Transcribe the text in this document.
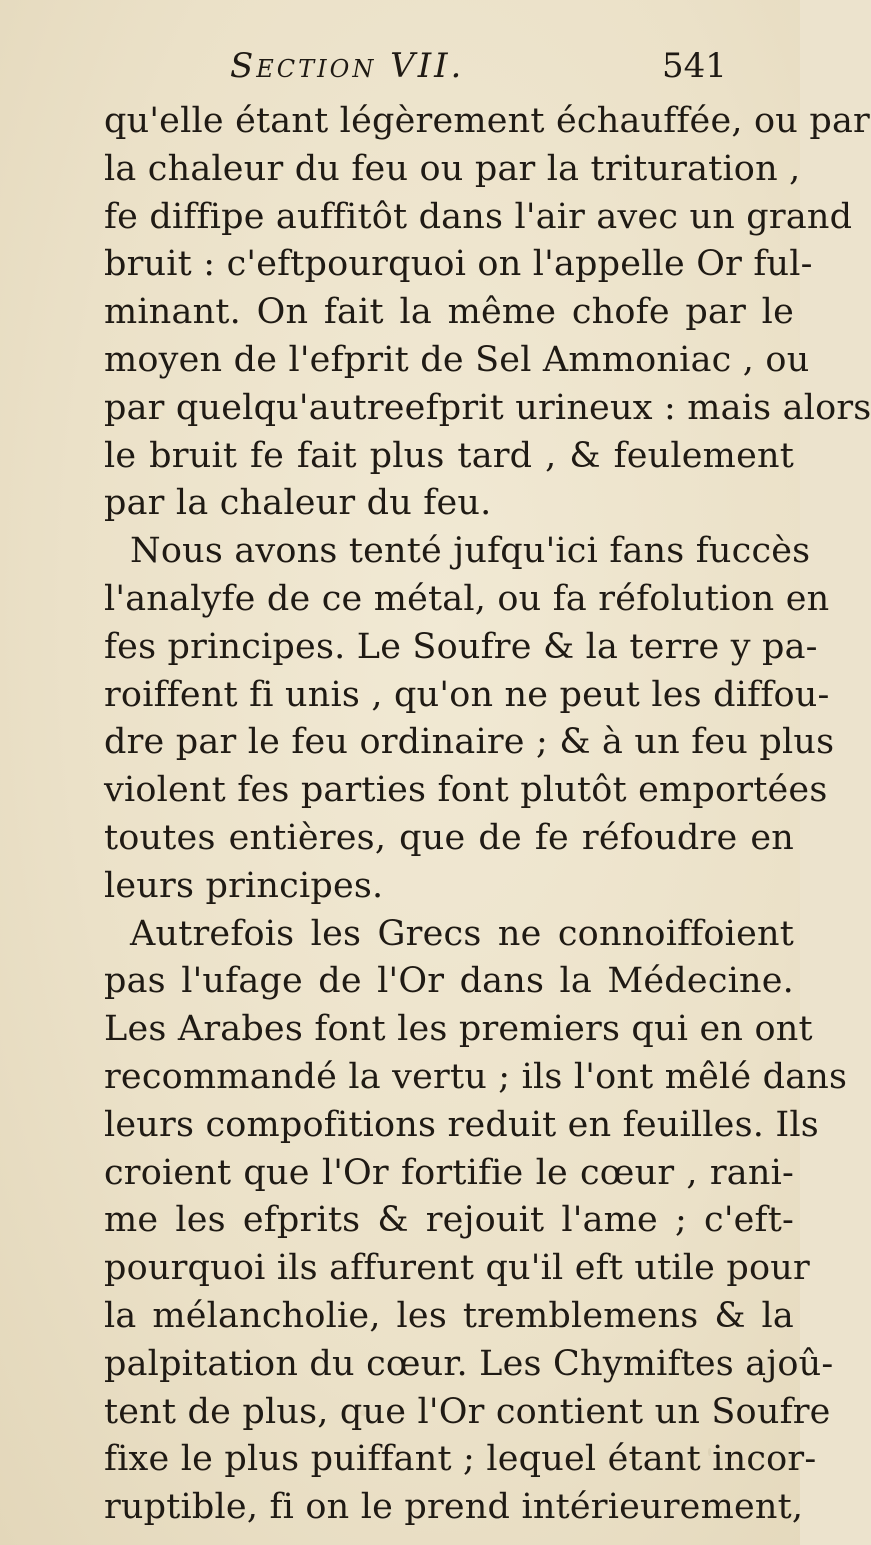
Section VII.	541
qu'elle étant légèrement échauffée, ou par
la chaleur du feu ou par la trituration ,
fe diffipe auffitôt dans l'air avec un grand
bruit : c'eftpourquoi on l'appelle Or ful-
minant. On fait la même chofe par le
moyen de l'efprit de Sel Ammoniac , ou
par quelqu'autreefprit urineux : mais alors
le bruit fe fait plus tard , & feulement
par la chaleur du feu.
Nous avons tenté jufqu'ici fans fuccès
l'analyfe de ce métal, ou fa réfolution en
fes principes. Le Soufre & la terre y pa-
roiffent fi unis , qu'on ne peut les diffou-
dre par le feu ordinaire ; & à un feu plus
violent fes parties font plutôt emportées
toutes entières, que de fe réfoudre en
leurs principes.
Autrefois les Grecs ne connoiffoient
pas l'ufage de l'Or dans la Médecine.
Les Arabes font les premiers qui en ont
recommandé la vertu ; ils l'ont mêlé dans
leurs compofitions reduit en feuilles. Ils
croient que l'Or fortifie le cœur , rani-
me les efprits & rejouit l'ame ; c'eft-
pourquoi ils affurent qu'il eft utile pour
la mélancholie, les tremblemens & la
palpitation du cœur. Les Chymiftes ajoû-
tent de plus, que l'Or contient un Soufre
fixe le plus puiffant ; lequel étant incor-
ruptible, fi on le prend intérieurement,
